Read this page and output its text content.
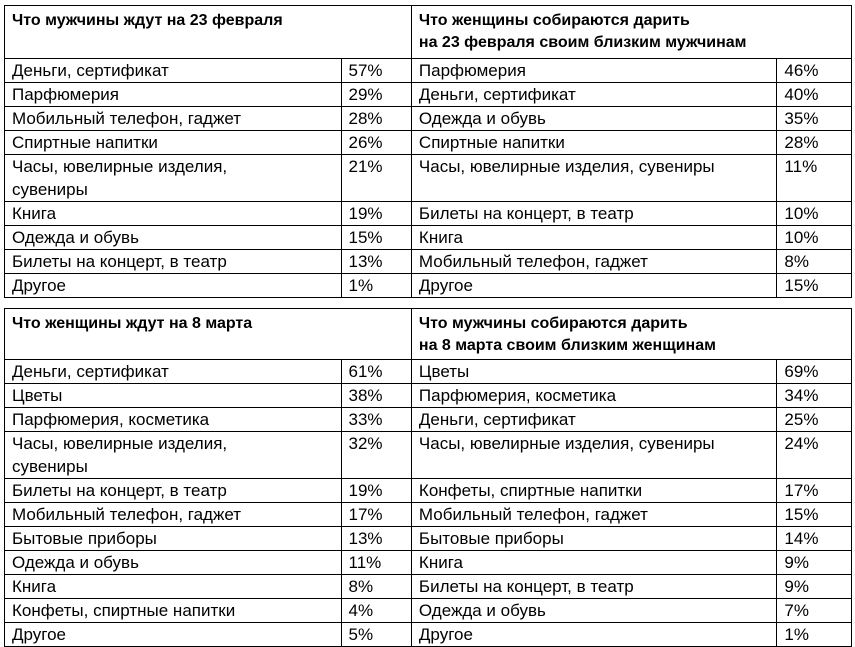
Что мужчины ждут на 23 февраля		Что женщины собираются дарить
на 23 февраля своим близким мужчинам	
Деньги, сертификат	57%	Парфюмерия	46%
Парфюмерия	29%	Деньги, сертификат	40%
Мобильный телефон, гаджет	28%	Одежда и обувь	35%
Спиртные напитки	26%	Спиртные напитки	28%
Часы, ювелирные изделия,
сувениры	21%	Часы, ювелирные изделия, сувениры	11%
Книга	19%	Билеты на концерт, в театр	10%
Одежда и обувь	15%	Книга	10%
Билеты на концерт, в театр	13%	Мобильный телефон, гаджет	8%
Другое	1%	Другое	15%
Что женщины ждут на 8 марта		Что мужчины собираются дарить
на 8 марта своим близким женщинам	
Деньги, сертификат	61%	Цветы	69%
Цветы	38%	Парфюмерия, косметика	34%
Парфюмерия, косметика	33%	Деньги, сертификат	25%
Часы, ювелирные изделия,
сувениры	32%	Часы, ювелирные изделия, сувениры	24%
Билеты на концерт, в театр	19%	Конфеты, спиртные напитки	17%
Мобильный телефон, гаджет	17%	Мобильный телефон, гаджет	15%
Бытовые приборы	13%	Бытовые приборы	14%
Одежда и обувь	11%	Книга	9%
Книга	8%	Билеты на концерт, в театр	9%
Конфеты, спиртные напитки	4%	Одежда и обувь	7%
Другое	5%	Другое	1%
